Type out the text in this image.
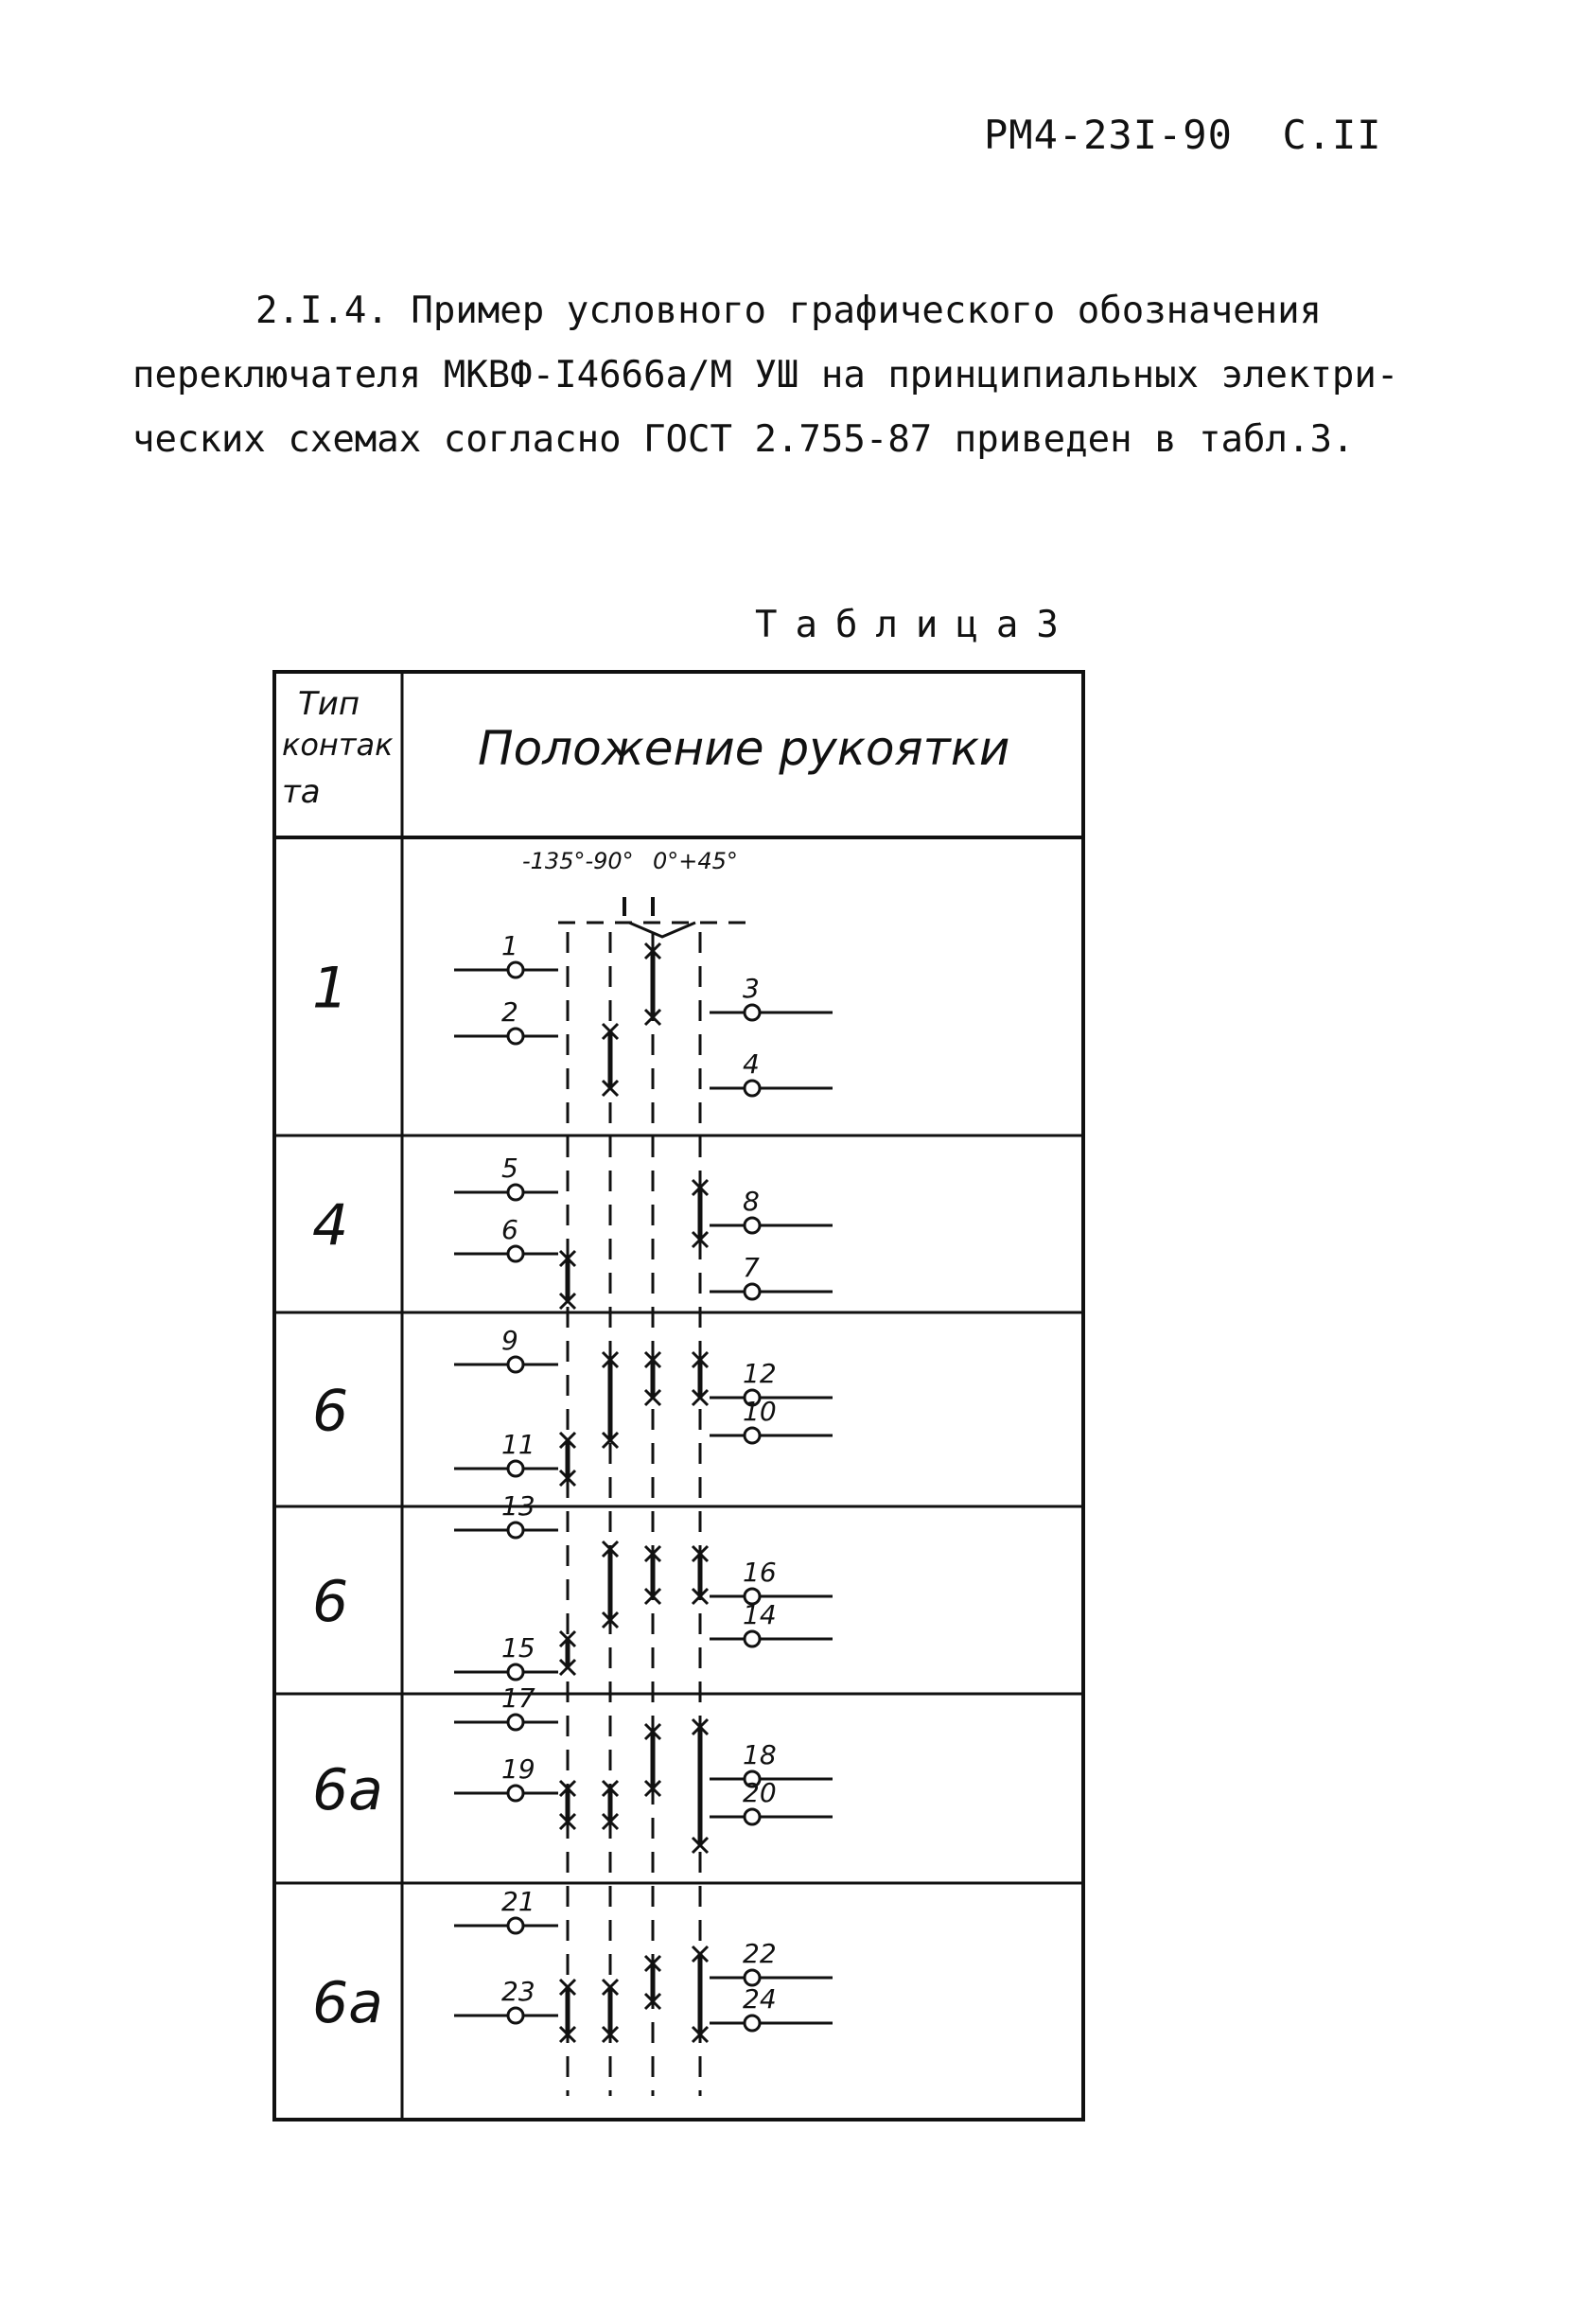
РМ4-23I-90 С.II
2.I.4. Пример условного графического обозначения
переключателя МКВФ-I4666а/М УШ на принципиальных электри-
ческих схемах согласно ГОСТ 2.755-87 приведен в табл.3.
Таблица3
Тип
контак
та
Положение рукоятки
-135°-90° 0°+45°
1
1
2
3
4
4
5
6
8
7
6
9
11
12
10
6
13
15
16
14
6а
17
19	18
20
6а
21
23
22
24
